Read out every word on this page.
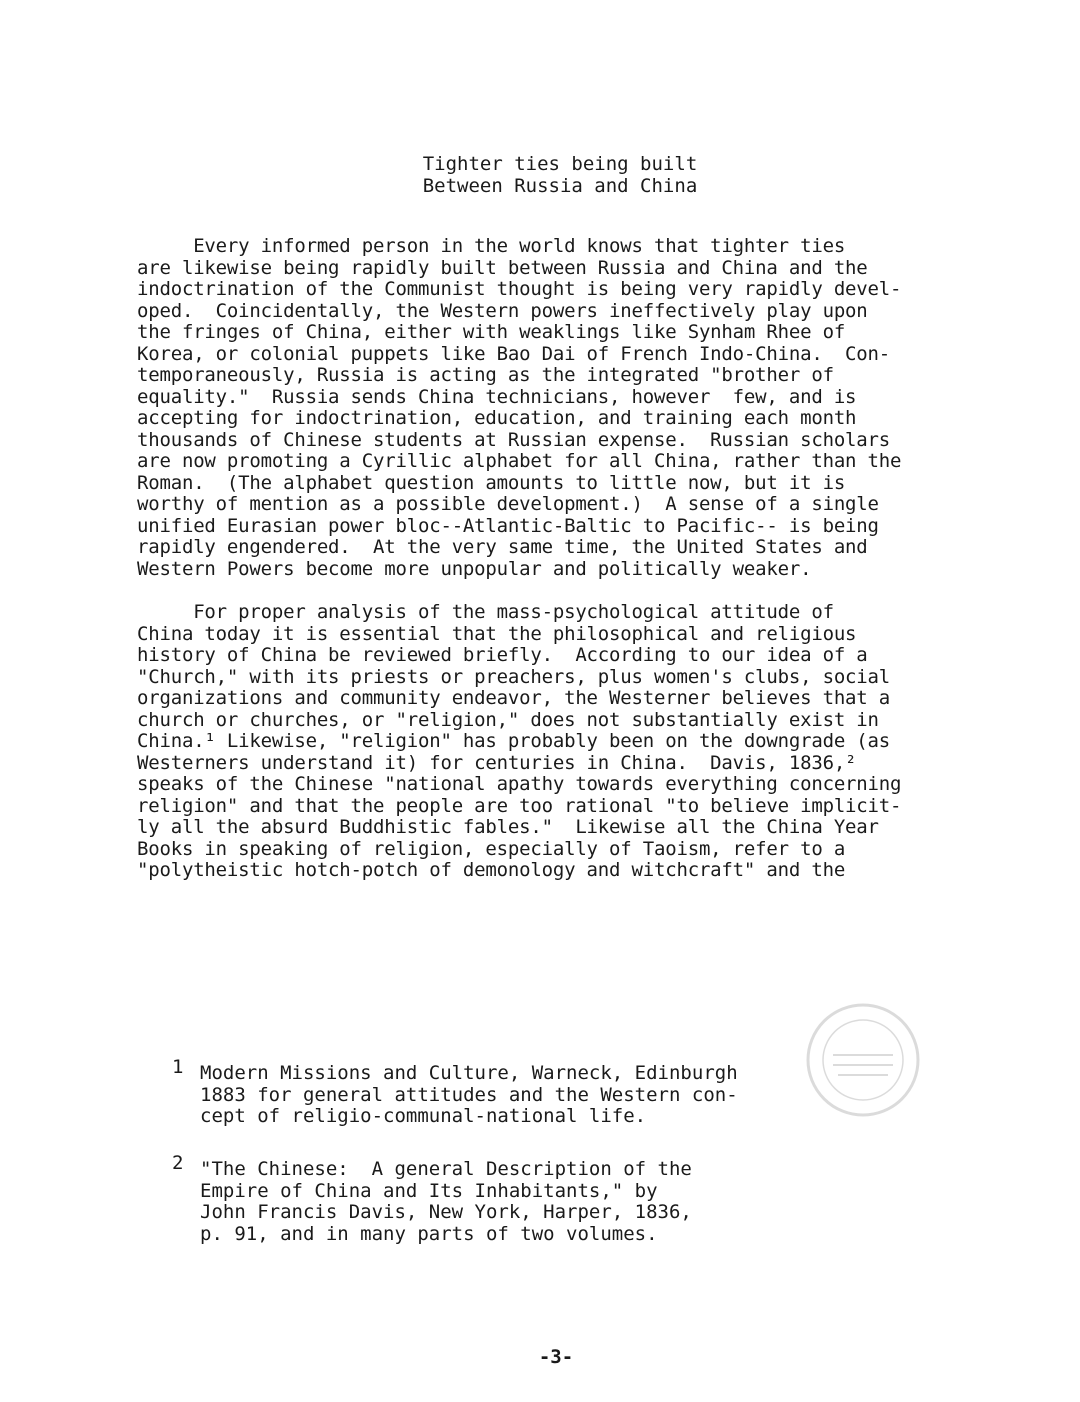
Tighter ties being built
Between Russia and China
Every informed person in the world knows that tighter ties
are likewise being rapidly built between Russia and China and the
indoctrination of the Communist thought is being very rapidly devel-
oped.  Coincidentally, the Western powers ineffectively play upon
the fringes of China, either with weaklings like Synham Rhee of
Korea, or colonial puppets like Bao Dai of French Indo-China.  Con-
temporaneously, Russia is acting as the integrated "brother of
equality."  Russia sends China technicians, however  few, and is
accepting for indoctrination, education, and training each month
thousands of Chinese students at Russian expense.  Russian scholars
are now promoting a Cyrillic alphabet for all China, rather than the
Roman.  (The alphabet question amounts to little now, but it is
worthy of mention as a possible development.)  A sense of a single
unified Eurasian power bloc--Atlantic-Baltic to Pacific-- is being
rapidly engendered.  At the very same time, the United States and
Western Powers become more unpopular and politically weaker.
For proper analysis of the mass-psychological attitude of
China today it is essential that the philosophical and religious
history of China be reviewed briefly.  According to our idea of a
"Church," with its priests or preachers, plus women's clubs, social
organizations and community endeavor, the Westerner believes that a
church or churches, or "religion," does not substantially exist in
China.¹ Likewise, "religion" has probably been on the downgrade (as
Westerners understand it) for centuries in China.  Davis, 1836,²
speaks of the Chinese "national apathy towards everything concerning
religion" and that the people are too rational "to believe implicit-
ly all the absurd Buddhistic fables."  Likewise all the China Year
Books in speaking of religion, especially of Taoism, refer to a
"polytheistic hotch-potch of demonology and witchcraft" and the
1 Modern Missions and Culture, Warneck, Edinburgh
1883 for general attitudes and the Western con-
cept of religio-communal-national life.
2 "The Chinese:  A general Description of the
Empire of China and Its Inhabitants," by
John Francis Davis, New York, Harper, 1836,
p. 91, and in many parts of two volumes.
-3-
